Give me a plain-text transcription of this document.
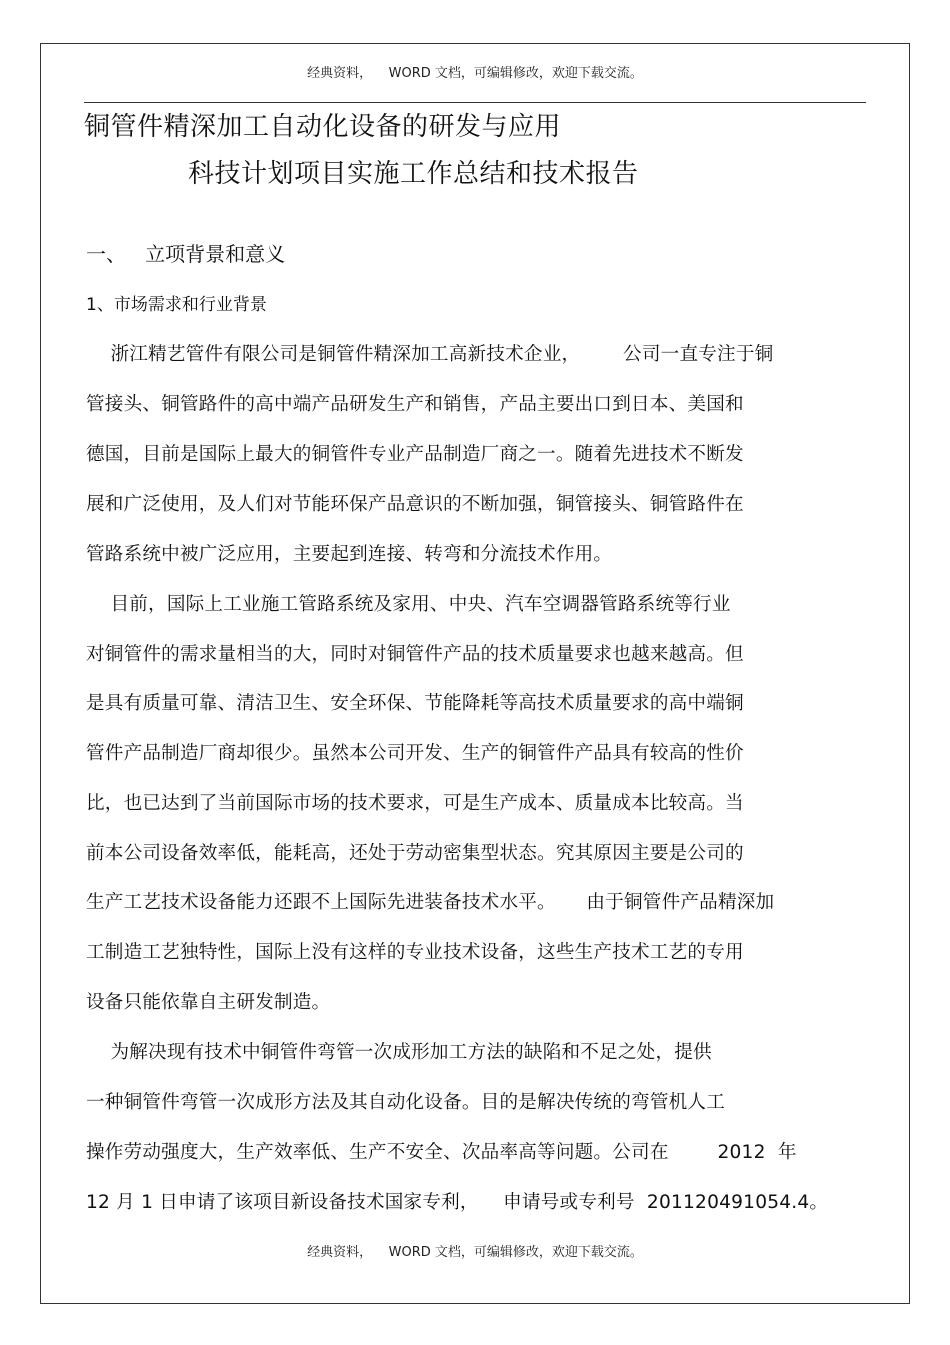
经典资料，    WORD 文档，可编辑修改，欢迎下载交流。
铜管件精深加工自动化设备的研发与应用
科技计划项目实施工作总结和技术报告
一、   立项背景和意义
1、市场需求和行业背景
浙江精艺管件有限公司是铜管件精深加工高新技术企业，       公司一直专注于铜
管接头、铜管路件的高中端产品研发生产和销售，产品主要出口到日本、美国和
德国，目前是国际上最大的铜管件专业产品制造厂商之一。随着先进技术不断发
展和广泛使用，及人们对节能环保产品意识的不断加强，铜管接头、铜管路件在
管路系统中被广泛应用，主要起到连接、转弯和分流技术作用。
目前，国际上工业施工管路系统及家用、中央、汽车空调器管路系统等行业
对铜管件的需求量相当的大，同时对铜管件产品的技术质量要求也越来越高。但
是具有质量可靠、清洁卫生、安全环保、节能降耗等高技术质量要求的高中端铜
管件产品制造厂商却很少。虽然本公司开发、生产的铜管件产品具有较高的性价
比，也已达到了当前国际市场的技术要求，可是生产成本、质量成本比较高。当
前本公司设备效率低，能耗高，还处于劳动密集型状态。究其原因主要是公司的
生产工艺技术设备能力还跟不上国际先进装备技术水平。     由于铜管件产品精深加
工制造工艺独特性，国际上没有这样的专业技术设备，这些生产技术工艺的专用
设备只能依靠自主研发制造。
为解决现有技术中铜管件弯管一次成形加工方法的缺陷和不足之处，提供
一种铜管件弯管一次成形方法及其自动化设备。目的是解决传统的弯管机人工
操作劳动强度大，生产效率低、生产不安全、次品率高等问题。公司在        2012  年
12 月 1 日申请了该项目新设备技术国家专利，    申请号或专利号  201120491054.4。
经典资料，    WORD 文档，可编辑修改，欢迎下载交流。
